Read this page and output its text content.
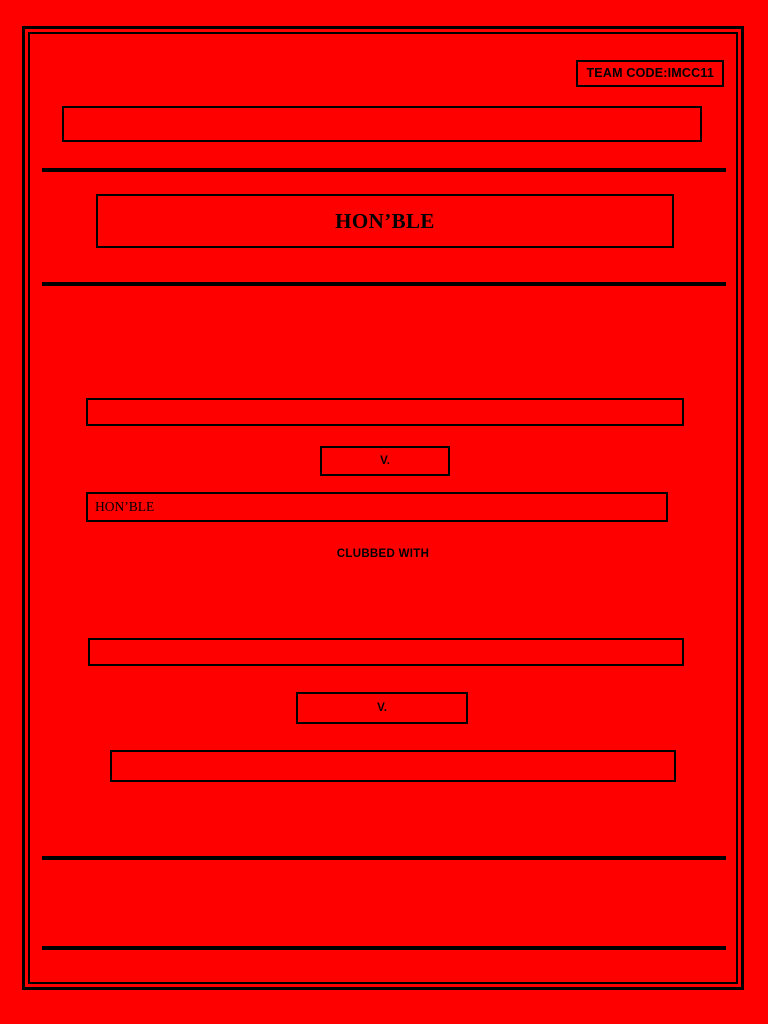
TEAM CODE:IMCC11
HON’BLE
V.
HON’BLE
CLUBBED WITH
V.
